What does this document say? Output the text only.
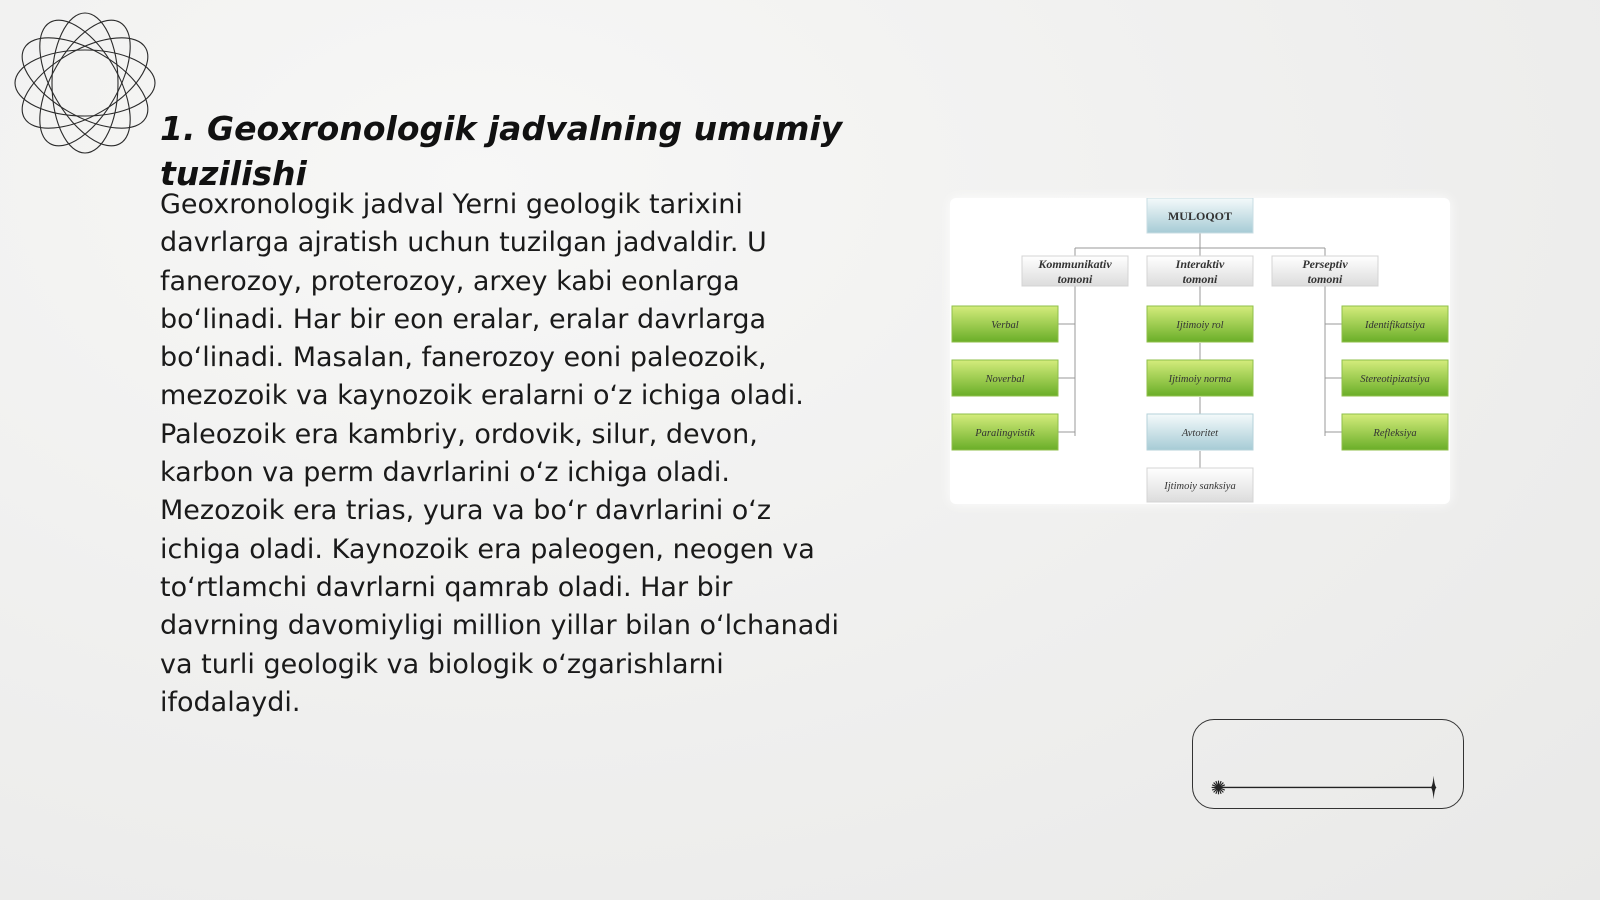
1. Geoxronologik jadvalning umumiy tuzilishi

Geoxronologik jadval Yerni geologik tarixini davrlarga ajratish uchun tuzilgan jadvaldir. U fanerozoy, proterozoy, arxey kabi eonlarga boʻlinadi. Har bir eon eralar, eralar davrlarga boʻlinadi. Masalan, fanerozoy eoni paleozoik, mezozoik va kaynozoik eralarni oʻz ichiga oladi. Paleozoik era kambriy, ordovik, silur, devon, karbon va perm davrlarini oʻz ichiga oladi. Mezozoik era trias, yura va boʻr davrlarini oʻz ichiga oladi. Kaynozoik era paleogen, neogen va toʻrtlamchi davrlarni qamrab oladi. Har bir davrning davomiyligi million yillar bilan oʻlchanadi va turli geologik va biologik oʻzgarishlarni ifodalaydi.

MULOQOT
Kommunikativ
tomoni
Interaktiv
tomoni
Perseptiv
tomoni
Verbal
Noverbal
Paralingvistik
Ijtimoiy rol
Ijtimoiy norma
Avtoritet
Ijtimoiy sanksiya
Identifikatsiya
Stereotipizatsiya
Refleksiya
